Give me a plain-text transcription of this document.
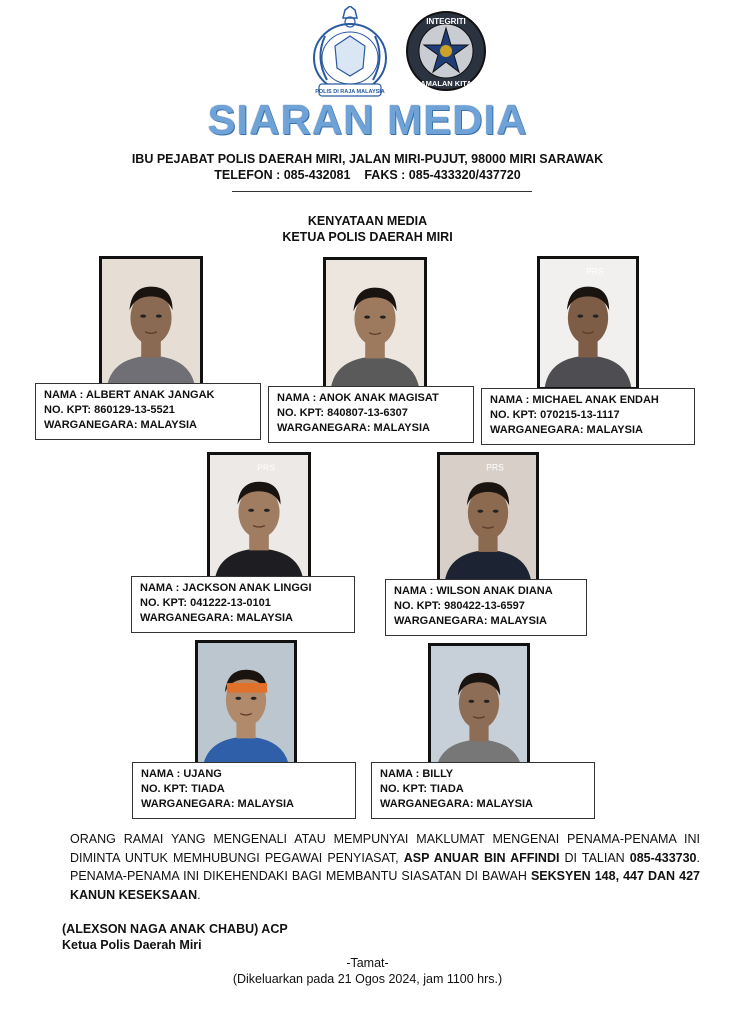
POLIS DI RAJA MALAYSIA
INTEGRITI
AMALAN KITA
SIARAN MEDIA
IBU PEJABAT POLIS DAERAH MIRI, JALAN MIRI-PUJUT, 98000 MIRI SARAWAK
TELEFON : 085-432081    FAKS : 085-433320/437720
KENYATAAN MEDIA
KETUA POLIS DAERAH MIRI
NAMA : ALBERT ANAK JANGAK
NO. KPT: 860129-13-5521
WARGANEGARA: MALAYSIA
NAMA : ANOK ANAK MAGISAT
NO. KPT: 840807-13-6307
WARGANEGARA: MALAYSIA
PRS
NAMA : MICHAEL ANAK ENDAH
NO. KPT: 070215-13-1117
WARGANEGARA: MALAYSIA
PRS
NAMA : JACKSON ANAK LINGGI
NO. KPT: 041222-13-0101
WARGANEGARA: MALAYSIA
PRS
NAMA : WILSON ANAK DIANA
NO. KPT: 980422-13-6597
WARGANEGARA: MALAYSIA
NAMA : UJANG
NO. KPT: TIADA
WARGANEGARA: MALAYSIA
NAMA : BILLY
NO. KPT: TIADA
WARGANEGARA: MALAYSIA
ORANG RAMAI YANG MENGENALI ATAU MEMPUNYAI MAKLUMAT MENGENAI PENAMA-PENAMA INI DIMINTA UNTUK MEMHUBUNGI PEGAWAI PENYIASAT, ASP ANUAR BIN AFFINDI DI TALIAN 085-433730. PENAMA-PENAMA INI DIKEHENDAKI BAGI MEMBANTU SIASATAN DI BAWAH SEKSYEN 148, 447 DAN 427 KANUN KESEKSAAN.
(ALEXSON NAGA ANAK CHABU) ACP
Ketua Polis Daerah Miri
-Tamat-
(Dikeluarkan pada 21 Ogos 2024, jam 1100 hrs.)
